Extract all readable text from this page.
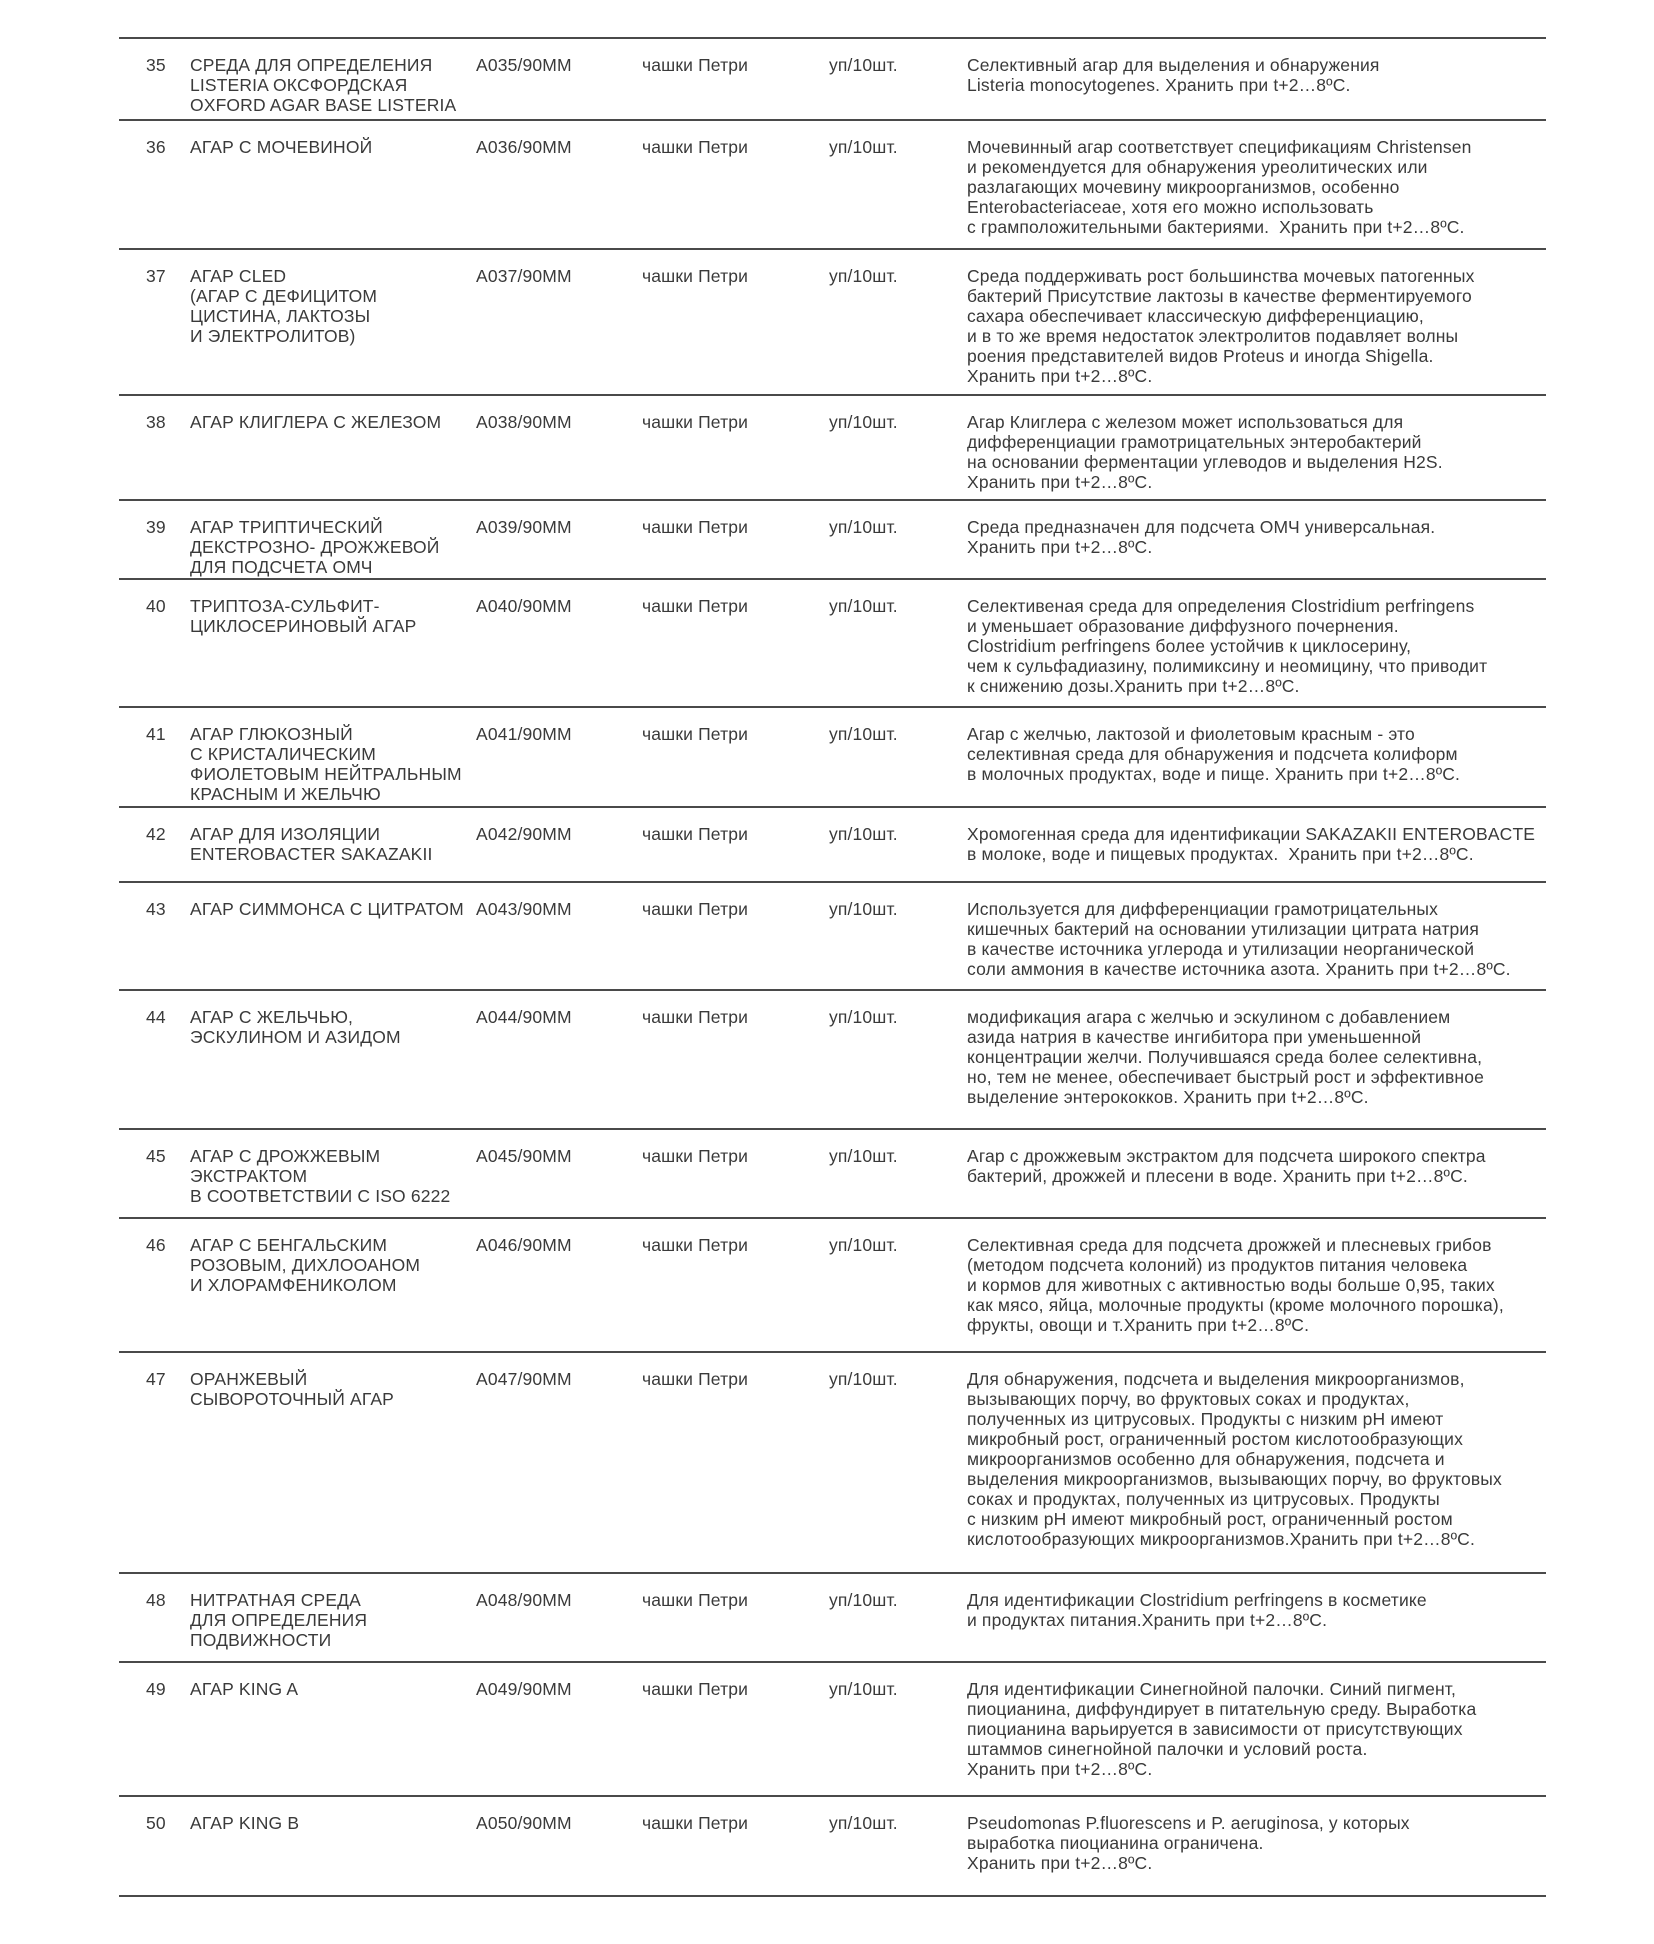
35 СРЕДА ДЛЯ ОПРЕДЕЛЕНИЯ
LISTERIA ОКСФОРДСКАЯ
OXFORD AGAR BASE LISTERIA
A035/90MM	чашки Петри	уп/10шт.	Селективный агар для выделения и обнаружения
Listeria monocytogenes. Хранить при t+2…8ºС.
36 АГАР С МОЧЕВИНОЙ	A036/90MM	чашки Петри	уп/10шт.	Мочевинный агар соответствует спецификациям Christensen
и рекомендуется для обнаружения уреолитических или
разлагающих мочевину микроорганизмов, особенно
Enterobacteriaceae, хотя его можно использовать
с грамположительными бактериями.  Хранить при t+2…8ºС.
37 АГАР CLED
(АГАР С ДЕФИЦИТОМ
ЦИСТИНА, ЛАКТОЗЫ
И ЭЛЕКТРОЛИТОВ)
A037/90MM	чашки Петри	уп/10шт.	Среда поддерживать рост большинства мочевых патогенных
бактерий Присутствие лактозы в качестве ферментируемого
сахара обеспечивает классическую дифференциацию,
и в то же время недостаток электролитов подавляет волны
роения представителей видов Proteus и иногда Shigella.
Хранить при t+2…8ºС.
38 АГАР КЛИГЛЕРА С ЖЕЛЕЗОМ A038/90MM	чашки Петри	уп/10шт.	Агар Клиглера с железом может использоваться для
дифференциации грамотрицательных энтеробактерий
на основании ферментации углеводов и выделения H2S.
Хранить при t+2…8ºС.
39 АГАР ТРИПТИЧЕСКИЙ
ДЕКСТРОЗНО- ДРОЖЖЕВОЙ
ДЛЯ ПОДСЧЕТА ОМЧ
A039/90MM	чашки Петри	уп/10шт.	Среда предназначен для подсчета ОМЧ универсальная.
Хранить при t+2…8ºС.
40 ТРИПТОЗА-СУЛЬФИТ-
ЦИКЛОСЕРИНОВЫЙ АГАР
A040/90MM	чашки Петри	уп/10шт.	Селективеная среда для определения Clostridium perfringens
и уменьшает образование диффузного почернения.
Clostridium perfringens более устойчив к циклосерину,
чем к сульфадиазину, полимиксину и неомицину, что приводит
к снижению дозы.Хранить при t+2…8ºС.
41 АГАР ГЛЮКОЗНЫЙ
С КРИСТАЛИЧЕСКИМ
ФИОЛЕТОВЫМ НЕЙТРАЛЬНЫМ
КРАСНЫМ И ЖЕЛЬЧЮ
A041/90MM	чашки Петри	уп/10шт.	Агар с желчью, лактозой и фиолетовым красным - это
селективная среда для обнаружения и подсчета колиформ
в молочных продуктах, воде и пище. Хранить при t+2…8ºС.
42 АГАР ДЛЯ ИЗОЛЯЦИИ
ENTEROBACTER SAKAZAKII
A042/90MM	чашки Петри	уп/10шт.	Хромогенная среда для идентификации SAKAZAKII ENTEROBACTE
в молоке, воде и пищевых продуктах.  Хранить при t+2…8ºС.
43 АГАР СИММОНСА С ЦИТРАТОМ A043/90MM	чашки Петри	уп/10шт.	Используется для дифференциации грамотрицательных
кишечных бактерий на основании утилизации цитрата натрия
в качестве источника углерода и утилизации неорганической
соли аммония в качестве источника азота. Хранить при t+2…8ºС.
44 АГАР С ЖЕЛЬЧЬЮ,
ЭСКУЛИНОМ И АЗИДОМ
A044/90MM	чашки Петри	уп/10шт.	модификация агара с желчью и эскулином с добавлением
азида натрия в качестве ингибитора при уменьшенной
концентрации желчи. Получившаяся среда более селективна,
но, тем не менее, обеспечивает быстрый рост и эффективное
выделение энтерококков. Хранить при t+2…8ºС.
45 АГАР С ДРОЖЖЕВЫМ
ЭКСТРАКТОМ
В СООТВЕТСТВИИ С ISO 6222
A045/90MM	чашки Петри	уп/10шт.	Агар с дрожжевым экстрактом для подсчета широкого спектра
бактерий, дрожжей и плесени в воде. Хранить при t+2…8ºС.
46 АГАР С БЕНГАЛЬСКИМ
РОЗОВЫМ, ДИХЛООАНОМ
И ХЛОРАМФЕНИКОЛОМ
A046/90MM	чашки Петри	уп/10шт.	Селективная среда для подсчета дрожжей и плесневых грибов
(методом подсчета колоний) из продуктов питания человека
и кормов для животных с активностью воды больше 0,95, таких
как мясо, яйца, молочные продукты (кроме молочного порошка),
фрукты, овощи и т.Хранить при t+2…8ºС.
47 ОРАНЖЕВЫЙ
СЫВОРОТОЧНЫЙ АГАР
A047/90MM	чашки Петри	уп/10шт.	Для обнаружения, подсчета и выделения микроорганизмов,
вызывающих порчу, во фруктовых соках и продуктах,
полученных из цитрусовых. Продукты с низким pH имеют
микробный рост, ограниченный ростом кислотообразующих
микроорганизмов особенно для обнаружения, подсчета и
выделения микроорганизмов, вызывающих порчу, во фруктовых
соках и продуктах, полученных из цитрусовых. Продукты
с низким pH имеют микробный рост, ограниченный ростом
кислотообразующих микроорганизмов.Хранить при t+2…8ºС.
48 НИТРАТНАЯ СРЕДА
ДЛЯ ОПРЕДЕЛЕНИЯ
ПОДВИЖНОСТИ
A048/90MM	чашки Петри	уп/10шт.	Для идентификации Clostridium perfringens в косметике
и продуктах питания.Хранить при t+2…8ºС.
49 АГАР KING A	A049/90MM	чашки Петри	уп/10шт.	Для идентификации Синегнойной палочки. Синий пигмент,
пиоцианина, диффундирует в питательную среду. Выработка
пиоцианина варьируется в зависимости от присутствующих
штаммов синегнойной палочки и условий роста.
Хранить при t+2…8ºС.
50 АГАР KING B	A050/90MM	чашки Петри	уп/10шт.	Pseudomonas P.fluorescens и P. aeruginosa, у которых
выработка пиоцианина ограничена.
Хранить при t+2…8ºС.
